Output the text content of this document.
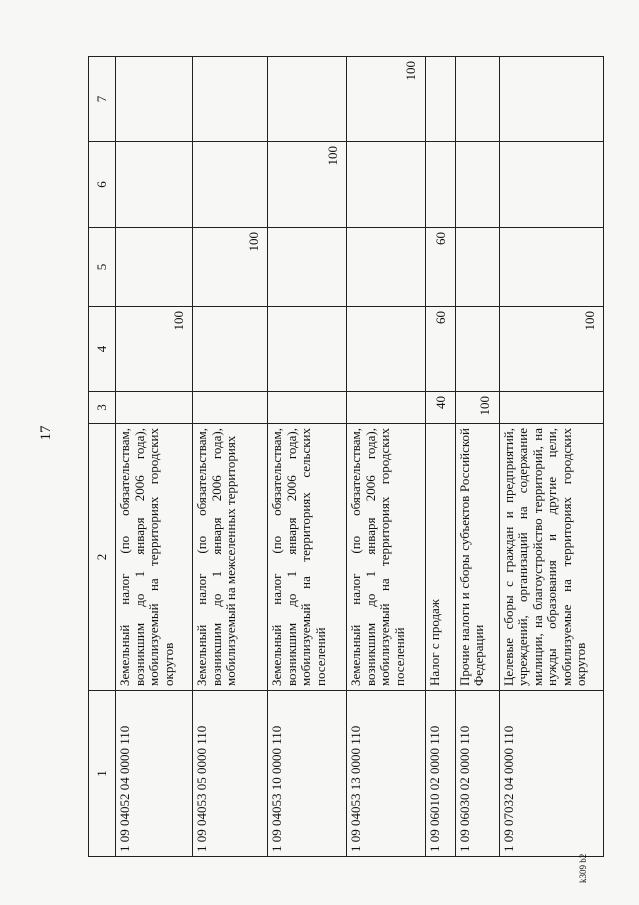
17
1	2	3	4	5	6	7
1 09 04052 04 0000 110	Земельный налог (по обязательствам, возникшим до 1 января 2006 года), мобилизуемый на территориях городских округов		100			
1 09 04053 05 0000 110	Земельный налог (по обязательствам, возникшим до 1 января 2006 года), мобилизуемый на межселенных территориях			100		
1 09 04053 10 0000 110	Земельный налог (по обязательствам, возникшим до 1 января 2006 года), мобилизуемый на территориях сельских поселений				100	
1 09 04053 13 0000 110	Земельный налог (по обязательствам, возникшим до 1 января 2006 года), мобилизуемый на территориях городских поселений					100
1 09 06010 02 0000 110	Налог с продаж	40	60	60		
1 09 06030 02 0000 110	Прочие налоги и сборы субъектов Российской Федерации	100				
1 09 07032 04 0000 110	Целевые сборы с граждан и предприятий, учреждений, организаций на содержание милиции, на благоустройство территорий, на нужды образования и другие цели, мобилизуемые на территориях городских округов		100			
k309 b2
